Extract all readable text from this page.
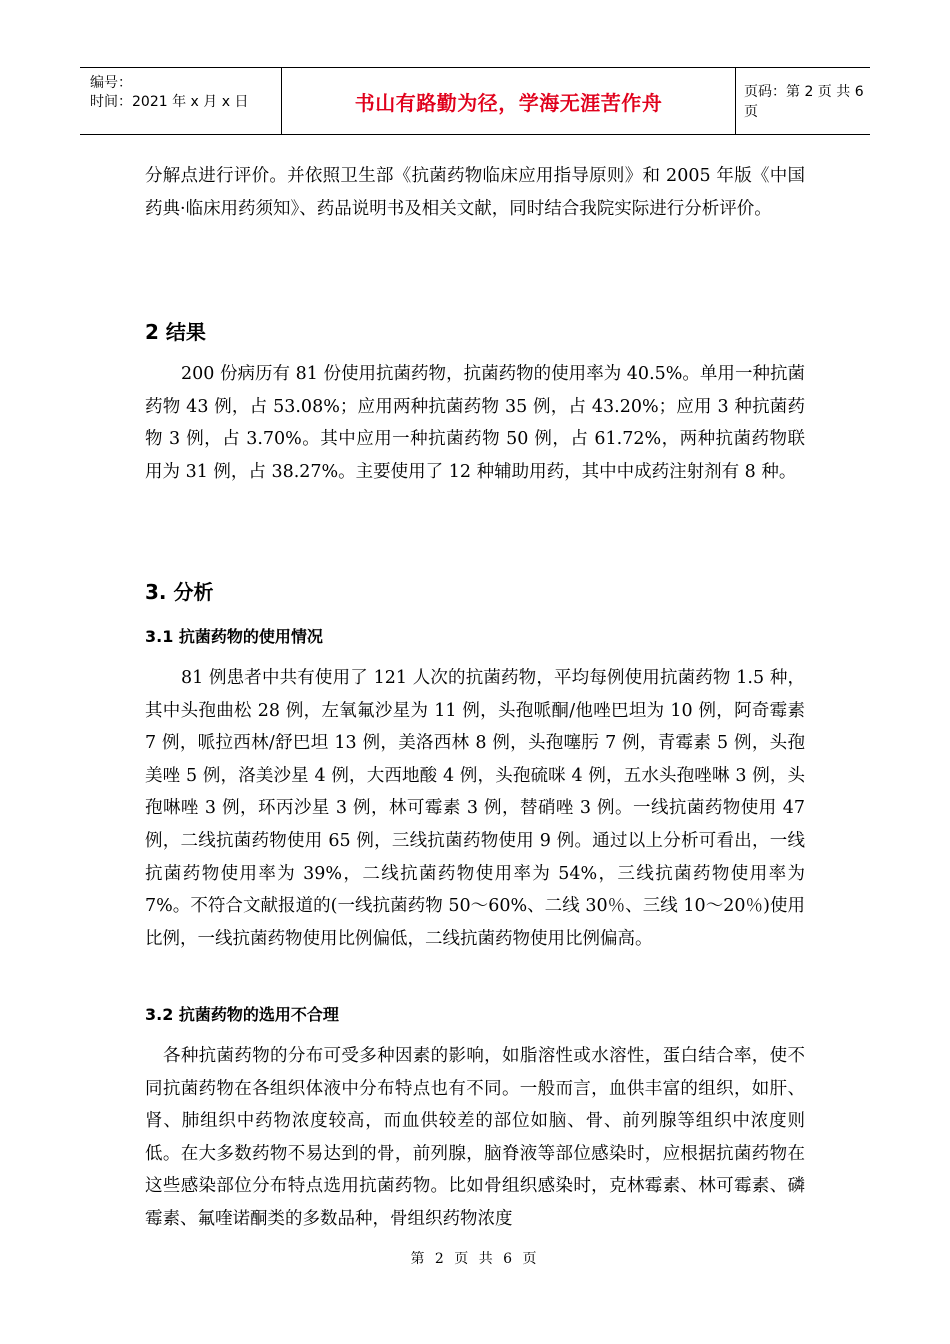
编号：
时间：2021 年 x 月 x 日	书山有路勤为径，学海无涯苦作舟	页码：第 2 页 共 6 页

分解点进行评价。并依照卫生部《抗菌药物临床应用指导原则》和 2005 年版《中国药典·临床用药须知》、药品说明书及相关文献，同时结合我院实际进行分析评价。

2 结果

200 份病历有 81 份使用抗菌药物，抗菌药物的使用率为 40.5%。单用一种抗菌药物 43 例，占 53.08%；应用两种抗菌药物 35 例，占 43.20%；应用 3 种抗菌药物 3 例，占 3.70%。其中应用一种抗菌药物 50 例，占 61.72%，两种抗菌药物联用为 31 例，占 38.27%。主要使用了 12 种辅助用药，其中中成药注射剂有 8 种。

3. 分析
3.1 抗菌药物的使用情况

81 例患者中共有使用了 121 人次的抗菌药物，平均每例使用抗菌药物 1.5 种，其中头孢曲松 28 例，左氧氟沙星为 11 例，头孢哌酮/他唑巴坦为 10 例，阿奇霉素 7 例，哌拉西林/舒巴坦 13 例，美洛西林 8 例，头孢噻肟 7 例，青霉素 5 例，头孢美唑 5 例，洛美沙星 4 例，大西地酸 4 例，头孢硫咪 4 例，五水头孢唑啉 3 例，头孢啉唑 3 例，环丙沙星 3 例，林可霉素 3 例，替硝唑 3 例。一线抗菌药物使用 47 例，二线抗菌药物使用 65 例，三线抗菌药物使用 9 例。通过以上分析可看出，一线抗菌药物使用率为 39%，二线抗菌药物使用率为 54%，三线抗菌药物使用率为 7%。不符合文献报道的(一线抗菌药物 50～60%、二线 30％、三线 10～20％)使用比例，一线抗菌药物使用比例偏低，二线抗菌药物使用比例偏高。

3.2 抗菌药物的选用不合理

各种抗菌药物的分布可受多种因素的影响，如脂溶性或水溶性，蛋白结合率，使不同抗菌药物在各组织体液中分布特点也有不同。一般而言，血供丰富的组织，如肝、肾、肺组织中药物浓度较高，而血供较差的部位如脑、骨、前列腺等组织中浓度则低。在大多数药物不易达到的骨，前列腺，脑脊液等部位感染时，应根据抗菌药物在这些感染部位分布特点选用抗菌药物。比如骨组织感染时，克林霉素、林可霉素、磷霉素、氟喹诺酮类的多数品种，骨组织药物浓度

第 2 页 共 6 页
